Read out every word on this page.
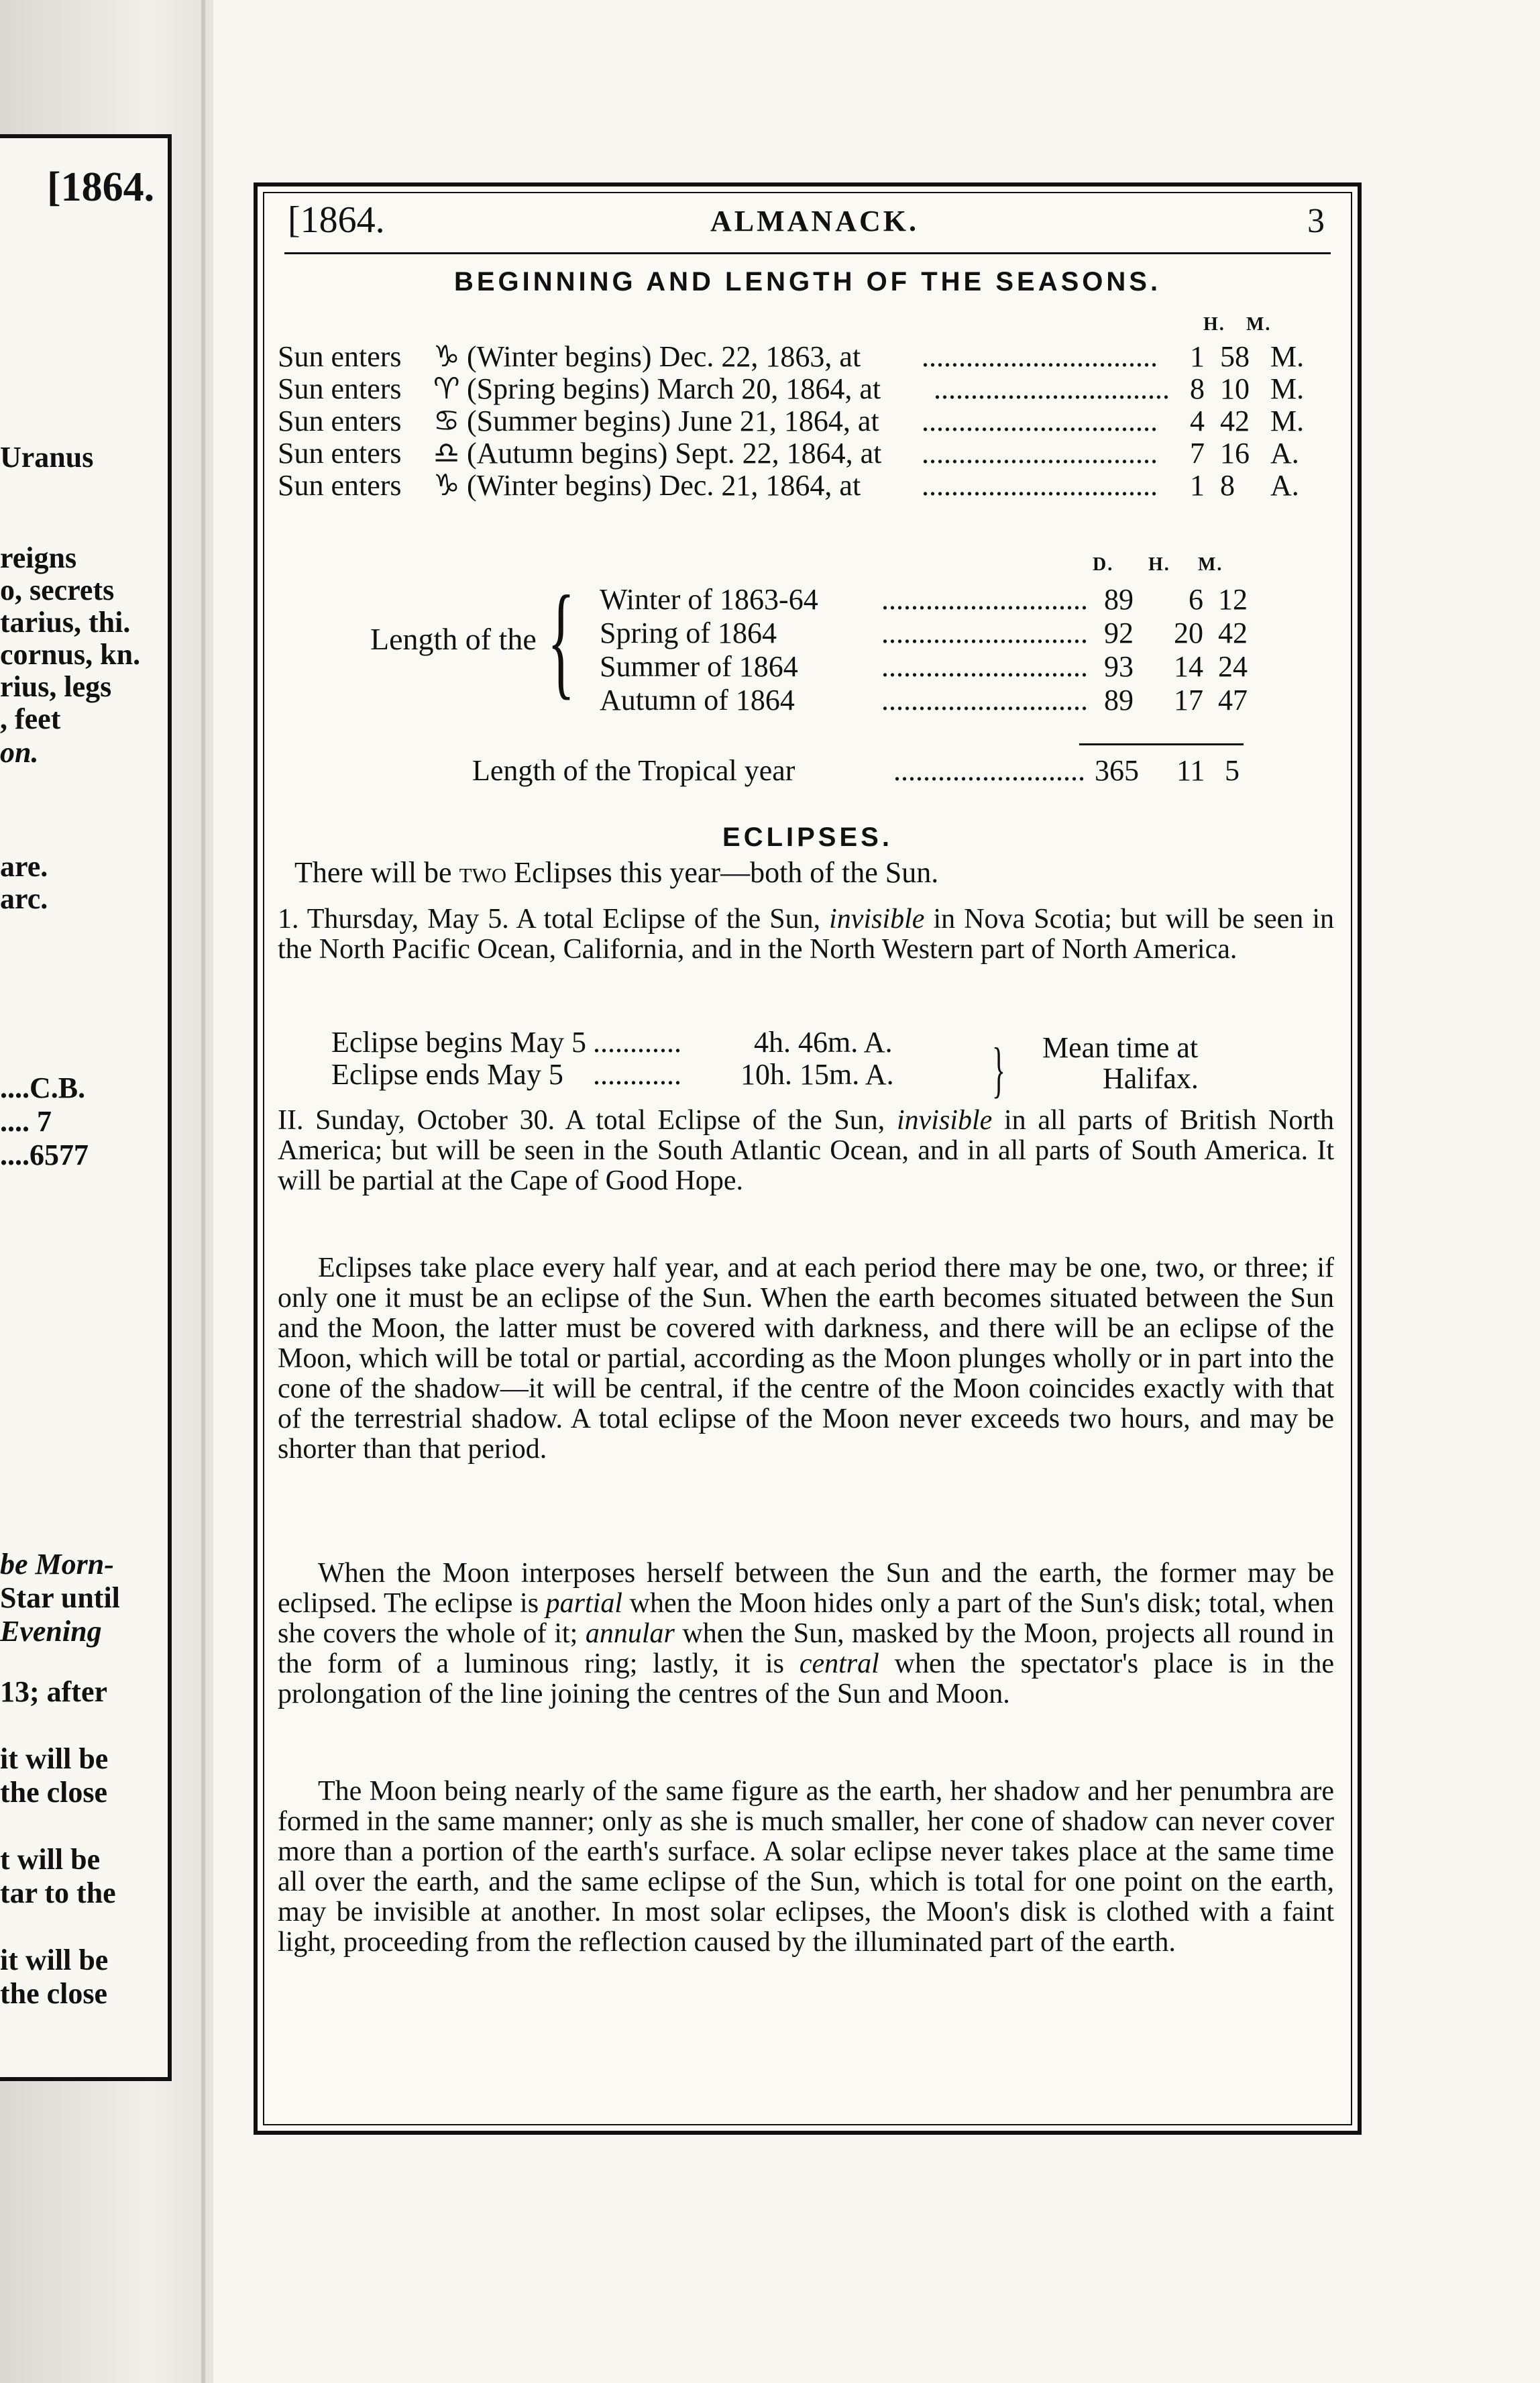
[1864.
Uranus
reigns
o, secrets
tarius, thi.
cornus, kn.
rius, legs
, feet
on.
are.
arc.
....C.B.
.... 7
....6577
be Morn-
Star until
Evening
13; after
it will be
the close
t will be
tar to the
it will be
the close
[1864.	ALMANACK.	3
BEGINNING AND LENGTH OF THE SEASONS.
H. M.
Sun enters ♑ (Winter begins) Dec. 22, 1863, at ................................	1 58 M.
Sun enters ♈ (Spring begins) March 20, 1864, at ................................ 8 10 M.
Sun enters ♋ (Summer begins) June 21, 1864, at ................................	4 42 M.
Sun enters ♎ (Autumn begins) Sept. 22, 1864, at ................................	7 16 A.
Sun enters ♑ (Winter begins) Dec. 21, 1864, at ................................	1 8 A.
D. H. M.
Length of the { Winter of 1863-64 ............................ 89	6 12
Spring of 1864	............................ 92	20 42
Summer of 1864	............................ 93	14 24
Autumn of 1864	............................ 89	17 47
Length of the Tropical year	.......................... 365 11 5
ECLIPSES.
There will be two Eclipses this year—both of the Sun.
1. Thursday, May 5. A total Eclipse of the Sun, invisible in Nova Scotia; but will be seen in the North Pacific Ocean, California, and in the North Western part of North America.
Eclipse begins May 5 ............	4h. 46m. A.	Mean time at
}
Eclipse ends May 5 ............	10h. 15m. A.	Halifax.
II. Sunday, October 30. A total Eclipse of the Sun, invisible in all parts of British North America; but will be seen in the South Atlantic Ocean, and in all parts of South America. It will be partial at the Cape of Good Hope.
Eclipses take place every half year, and at each period there may be one, two, or three; if only one it must be an eclipse of the Sun. When the earth becomes situated between the Sun and the Moon, the latter must be covered with darkness, and there will be an eclipse of the Moon, which will be total or partial, according as the Moon plunges wholly or in part into the cone of the shadow—it will be central, if the centre of the Moon coincides exactly with that of the terrestrial shadow. A total eclipse of the Moon never exceeds two hours, and may be shorter than that period.
When the Moon interposes herself between the Sun and the earth, the former may be eclipsed. The eclipse is partial when the Moon hides only a part of the Sun's disk; total, when she covers the whole of it; annular when the Sun, masked by the Moon, projects all round in the form of a luminous ring; lastly, it is central when the spectator's place is in the prolongation of the line joining the centres of the Sun and Moon.
The Moon being nearly of the same figure as the earth, her shadow and her penumbra are formed in the same manner; only as she is much smaller, her cone of shadow can never cover more than a portion of the earth's surface. A solar eclipse never takes place at the same time all over the earth, and the same eclipse of the Sun, which is total for one point on the earth, may be invisible at another. In most solar eclipses, the Moon's disk is clothed with a faint light, proceeding from the reflection caused by the illuminated part of the earth.
